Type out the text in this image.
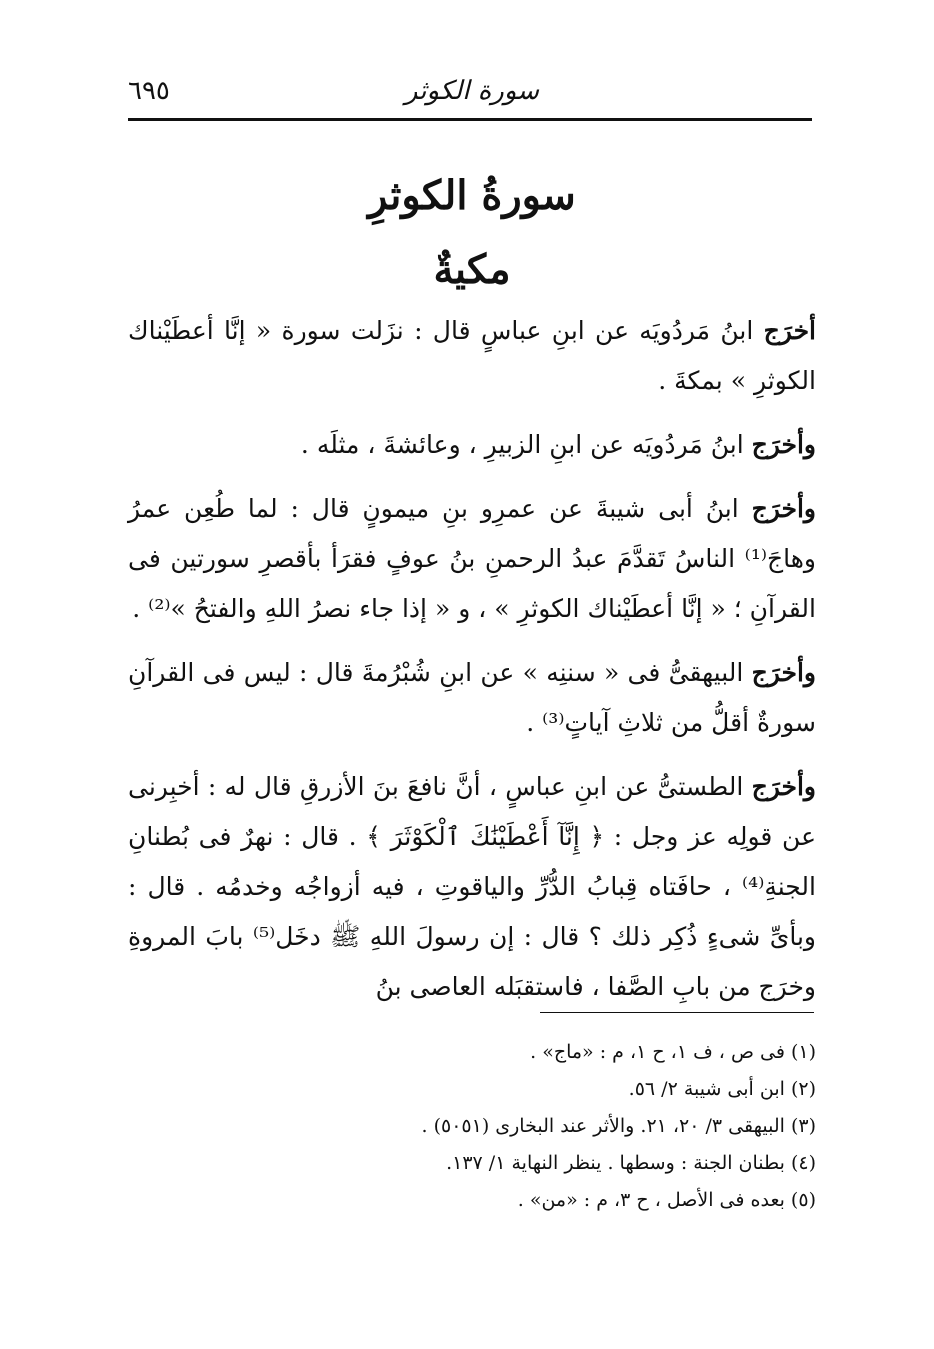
سورة الكوثر
٦٩٥
سورةُ الكوثرِ
مكيةٌ

أخرَج ابنُ مَردُويَه عن ابنِ عباسٍ قال : نزَلت سورة « إنَّا أعطَيْناك الكوثرِ » بمكةَ .

وأخرَج ابنُ مَردُويَه عن ابنِ الزبيرِ ، وعائشةَ ، مثلَه .

وأخرَج ابنُ أبى شيبةَ عن عمرِو بنِ ميمونٍ قال : لما طُعِن عمرُ وهاجَ⁽¹⁾ الناسُ تَقدَّمَ عبدُ الرحمنِ بنُ عوفٍ فقرَأ بأقصرِ سورتين فى القرآنِ ؛ « إنَّا أعطَيْناك الكوثرِ » ، و « إذا جاء نصرُ اللهِ والفتحُ »⁽²⁾ .

وأخرَج البيهقىُّ فى « سننِه » عن ابنِ شُبْرُمةَ قال : ليس فى القرآنِ سورةٌ أقلُّ من ثلاثِ آياتٍ⁽³⁾ .

وأخرَج الطستىُّ عن ابنِ عباسٍ ، أنَّ نافعَ بنَ الأزرقِ قال له : أخبِرنى عن قولِه عز وجل : ﴿ إِنَّآ أَعْطَيْنَٰكَ ٱلْكَوْثَرَ ﴾ . قال : نهرٌ فى بُطنانِ الجنةِ⁽⁴⁾ ، حافَتاه قِبابُ الدُّرِّ والياقوتِ ، فيه أزواجُه وخدمُه . قال : وبأىِّ شىءٍ ذُكِر ذلك ؟ قال : إن رسولَ اللهِ ﷺ دخَل⁽⁵⁾ بابَ المروةِ وخرَج من بابِ الصَّفا ، فاستقبَله العاصى بنُ

(١) فى ص ، ف ١، ح ١، م : «ماج» .

(٢) ابن أبى شيبة ٢/ ٥٦.

(٣) البيهقى ٣/ ٢٠، ٢١. والأثر عند البخارى (٥٠٥١) .

(٤) بطنان الجنة : وسطها . ينظر النهاية ١/ ١٣٧.

(٥) بعده فى الأصل ، ح ٣، م : «من» .
